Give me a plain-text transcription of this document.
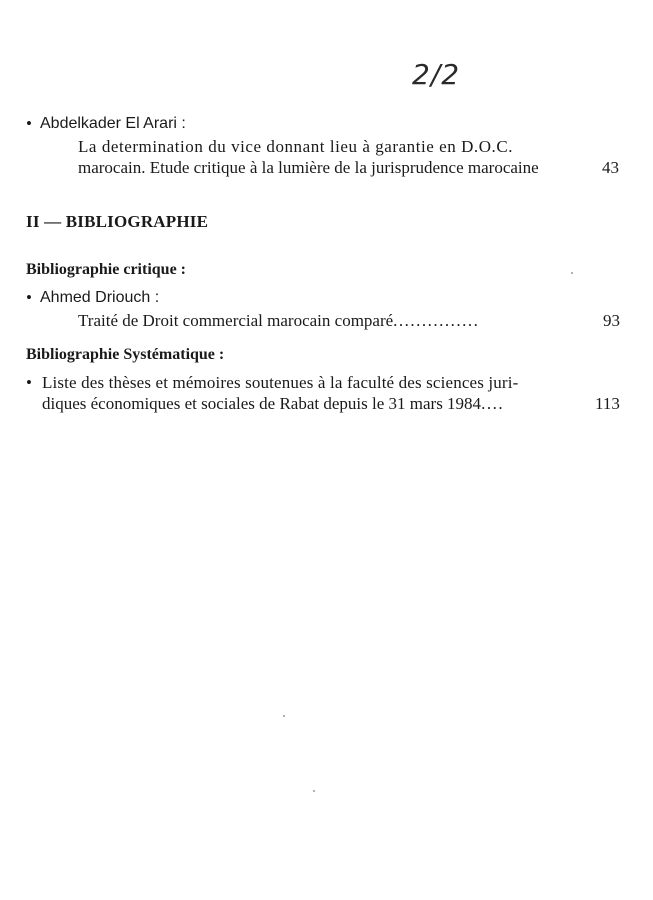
2/2
• Abdelkader El Arari :
La determination du vice donnant lieu à garantie en D.O.C.
marocain. Etude critique à la lumière de la jurisprudence marocaine	43
II — BIBLIOGRAPHIE
Bibliographie critique :
• Ahmed Driouch :
Traité de Droit commercial marocain comparé...............	93
Bibliographie Systématique :
• Liste des thèses et mémoires soutenues à la faculté des sciences juri-
diques économiques et sociales de Rabat depuis le 31 mars 1984....	113
